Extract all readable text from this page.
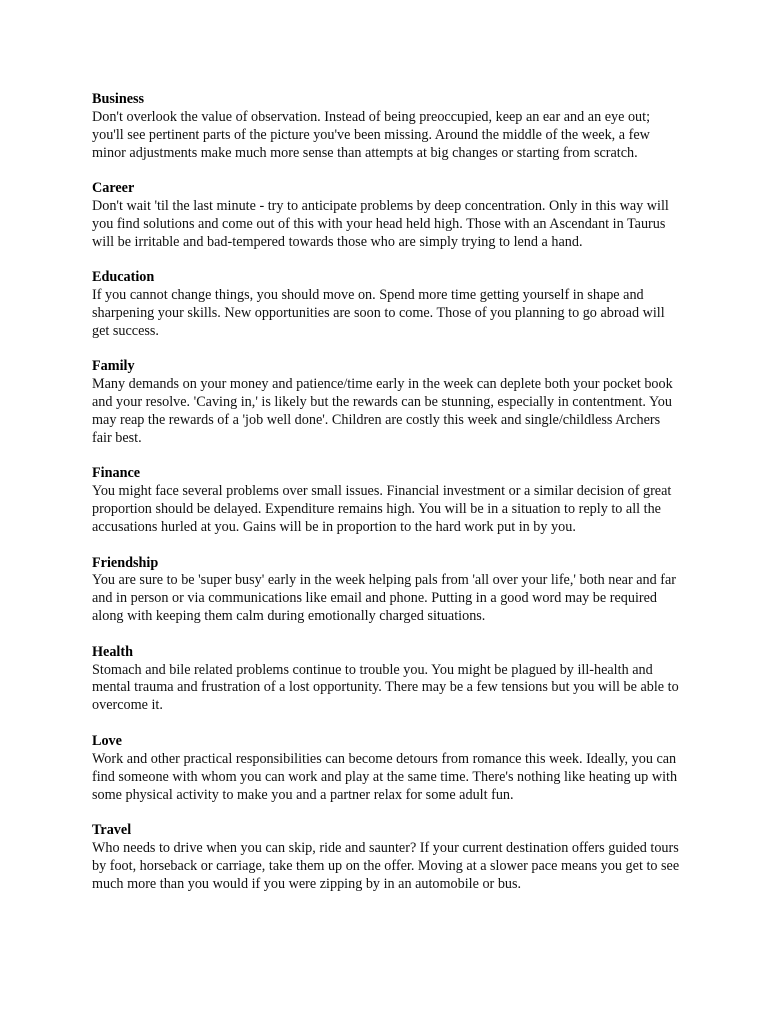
Business

Don't overlook the value of observation. Instead of being preoccupied, keep an ear and an eye out; you'll see pertinent parts of the picture you've been missing. Around the middle of the week, a few minor adjustments make much more sense than attempts at big changes or starting from scratch.

Career

Don't wait 'til the last minute - try to anticipate problems by deep concentration. Only in this way will you find solutions and come out of this with your head held high. Those with an Ascendant in Taurus will be irritable and bad-tempered towards those who are simply trying to lend a hand.

Education

If you cannot change things, you should move on. Spend more time getting yourself in shape and sharpening your skills. New opportunities are soon to come. Those of you planning to go abroad will get success.

Family

Many demands on your money and patience/time early in the week can deplete both your pocket book and your resolve. 'Caving in,' is likely but the rewards can be stunning, especially in contentment. You may reap the rewards of a 'job well done'. Children are costly this week and single/childless Archers fair best.

Finance

You might face several problems over small issues. Financial investment or a similar decision of great proportion should be delayed. Expenditure remains high. You will be in a situation to reply to all the accusations hurled at you. Gains will be in proportion to the hard work put in by you.

Friendship

You are sure to be 'super busy' early in the week helping pals from 'all over your life,' both near and far and in person or via communications like email and phone. Putting in a good word may be required along with keeping them calm during emotionally charged situations.

Health

Stomach and bile related problems continue to trouble you. You might be plagued by ill-health and mental trauma and frustration of a lost opportunity. There may be a few tensions but you will be able to overcome it.

Love

Work and other practical responsibilities can become detours from romance this week. Ideally, you can find someone with whom you can work and play at the same time. There's nothing like heating up with some physical activity to make you and a partner relax for some adult fun.

Travel

Who needs to drive when you can skip, ride and saunter? If your current destination offers guided tours by foot, horseback or carriage, take them up on the offer. Moving at a slower pace means you get to see much more than you would if you were zipping by in an automobile or bus.
